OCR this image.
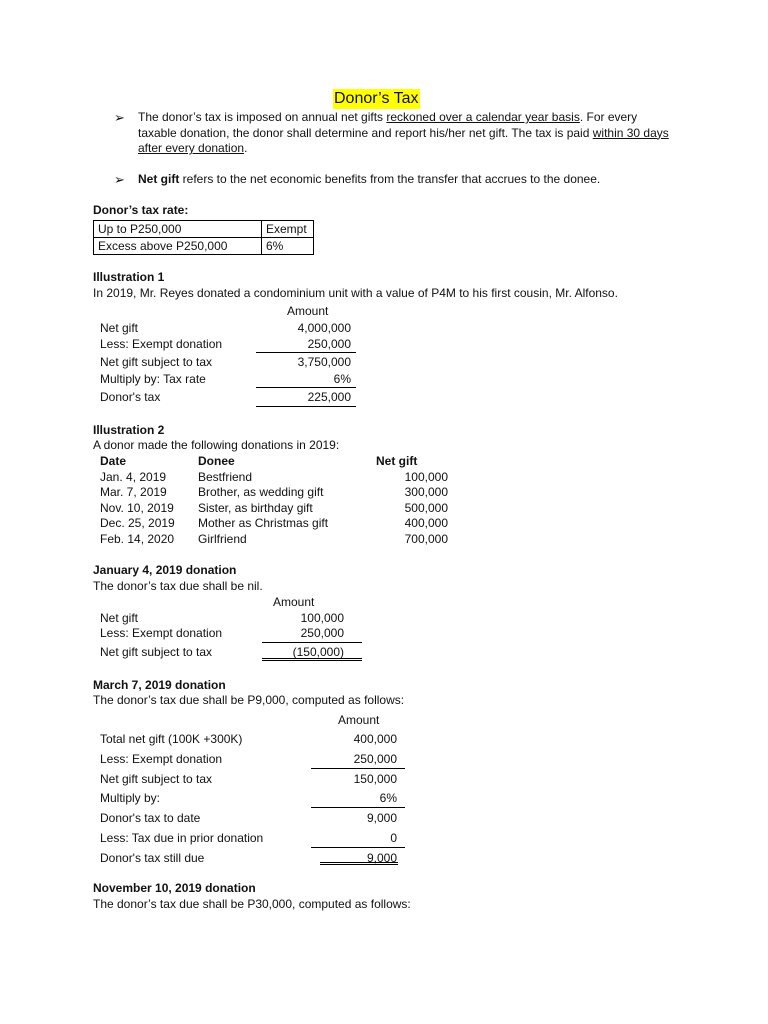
Donor’s Tax
➢ The donor’s tax is imposed on annual net gifts reckoned over a calendar year basis. For every taxable donation, the donor shall determine and report his/her net gift. The tax is paid within 30 days after every donation.
➢ Net gift refers to the net economic benefits from the transfer that accrues to the donee.
Donor’s tax rate:
Up to P250,000	Exempt
Excess above P250,000	6%
Illustration 1
In 2019, Mr. Reyes donated a condominium unit with a value of P4M to his first cousin, Mr. Alfonso.
Amount
Net gift	4,000,000
Less: Exempt donation	250,000
Net gift subject to tax	3,750,000
Multiply by: Tax rate	6%
Donor's tax	225,000
Illustration 2
A donor made the following donations in 2019:
Date	Donee	Net gift
Jan. 4, 2019	Bestfriend	100,000
Mar. 7, 2019	Brother, as wedding gift	300,000
Nov. 10, 2019 Sister, as birthday gift	500,000
Dec. 25, 2019 Mother as Christmas gift	400,000
Feb. 14, 2020 Girlfriend	700,000
January 4, 2019 donation
The donor’s tax due shall be nil.
Amount
Net gift	100,000
Less: Exempt donation	250,000
Net gift subject to tax	(150,000)
March 7, 2019 donation
The donor’s tax due shall be P9,000, computed as follows:
Amount
Total net gift (100K +300K)	400,000
Less: Exempt donation	250,000
Net gift subject to tax	150,000
Multiply by:	6%
Donor's tax to date	9,000
Less: Tax due in prior donation	0
Donor's tax still due	9,000
November 10, 2019 donation
The donor’s tax due shall be P30,000, computed as follows:
